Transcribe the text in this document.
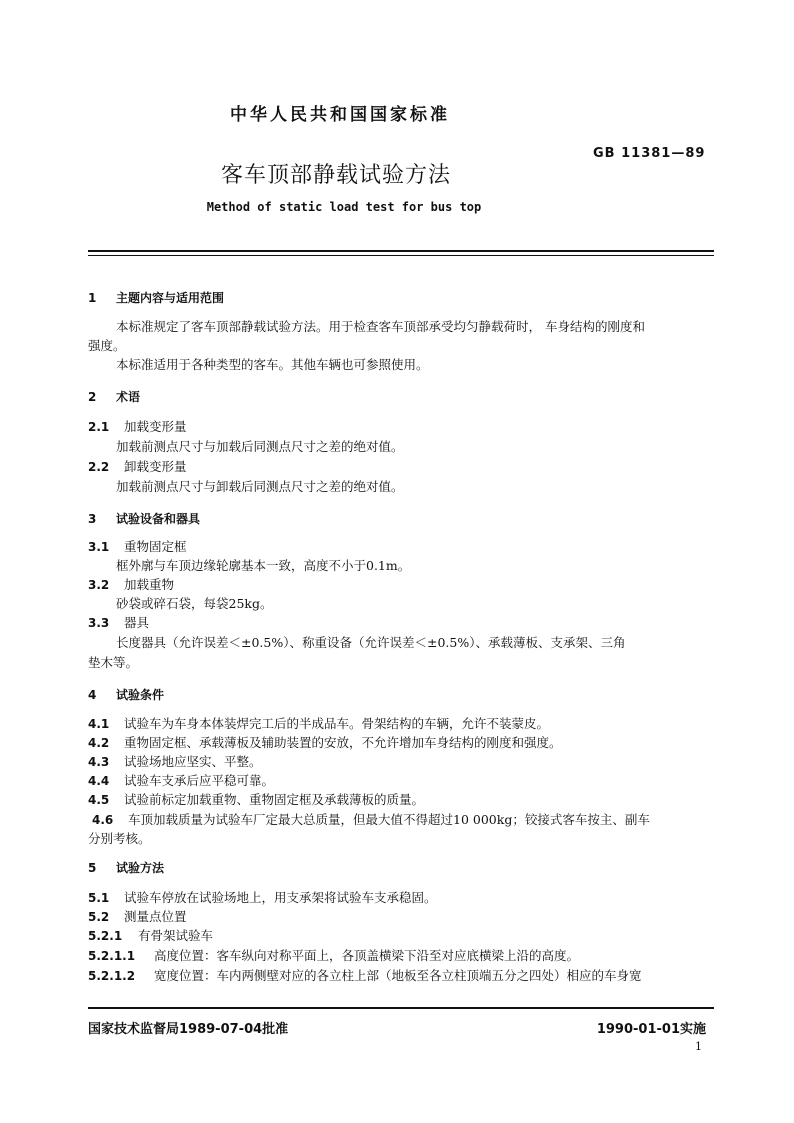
中华人民共和国国家标准
GB 11381—89
客车顶部静载试验方法
Method of static load test for bus top
1 主题内容与适用范围
本标准规定了客车顶部静载试验方法。用于检查客车顶部承受均匀静载荷时， 车身结构的刚度和
强度。
本标准适用于各种类型的客车。其他车辆也可参照使用。
2 术语
2.1 加载变形量
加载前测点尺寸与加载后同测点尺寸之差的绝对值。
2.2 卸载变形量
加载前测点尺寸与卸载后同测点尺寸之差的绝对值。
3 试验设备和器具
3.1 重物固定框
框外廓与车顶边缘轮廓基本一致，高度不小于0.1m。
3.2 加载重物
砂袋或碎石袋，每袋25kg。
3.3 器具
长度器具（允许误差＜±0.5%）、称重设备（允许误差＜±0.5%）、承载薄板、支承架、三角
垫木等。
4 试验条件
4.1 试验车为车身本体装焊完工后的半成品车。骨架结构的车辆，允许不装蒙皮。
4.2 重物固定框、承载薄板及辅助装置的安放，不允许增加车身结构的刚度和强度。
4.3 试验场地应坚实、平整。
4.4 试验车支承后应平稳可靠。
4.5 试验前标定加载重物、重物固定框及承载薄板的质量。
4.6 车顶加载质量为试验车厂定最大总质量，但最大值不得超过10 000kg；铰接式客车按主、副车
分别考核。
5 试验方法
5.1 试验车停放在试验场地上，用支承架将试验车支承稳固。
5.2 测量点位置
5.2.1 有骨架试验车
5.2.1.1 高度位置：客车纵向对称平面上，各顶盖横梁下沿至对应底横梁上沿的高度。
5.2.1.2 宽度位置：车内两侧壁对应的各立柱上部（地板至各立柱顶端五分之四处）相应的车身宽
国家技术监督局1989-07-04批准	1990-01-01实施
1
